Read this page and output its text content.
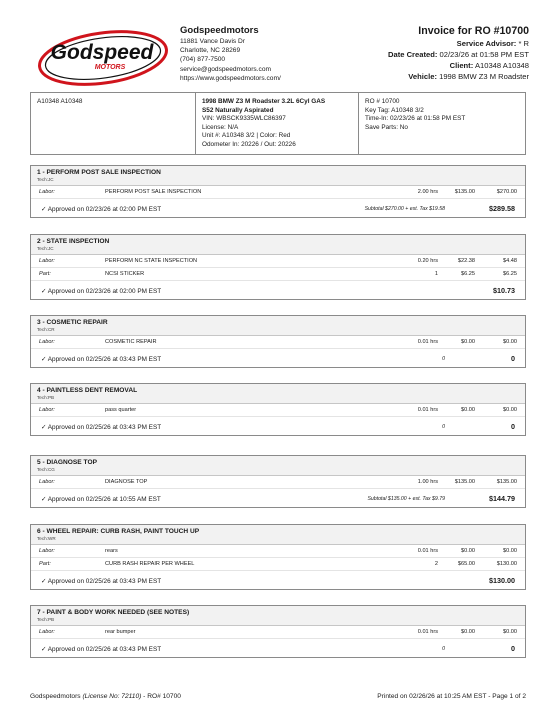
Godspeed
MOTORS
Godspeedmotors
11881 Vance Davis Dr
Charlotte, NC 28269
(704) 877-7500
service@godspeedmotors.com
https://www.godspeedmotors.com/
Invoice for RO #10700
Service Advisor: * R
Date Created: 02/23/26 at 01:58 PM EST
Client: A10348 A10348
Vehicle: 1998 BMW Z3 M Roadster
A10348 A10348	1998 BMW Z3 M Roadster 3.2L 6Cyl GAS
S52 Naturally Aspirated
VIN: WBSCK9335WLC86397
License: N/A
Unit #: A10348 3/2 | Color: Red
Odometer In: 20226 / Out: 20226
RO # 10700
Key Tag: A10348 3/2
Time-In: 02/23/26 at 01:58 PM EST
Save Parts: No
1 - PERFORM POST SALE INSPECTION
Tech:JC
Labor:	PERFORM POST SALE INSPECTION	2.00 hrs	$135.00	$270.00
✓ Approved on 02/23/26 at 02:00 PM EST	Subtotal $270.00 + est. Tax $19.58	$289.58
2 - STATE INSPECTION
Tech:JC
Labor:	PERFORM NC STATE INSPECTION	0.20 hrs	$22.38	$4.48
Part:	NCSI STICKER	1	$6.25	$6.25
✓ Approved on 02/23/26 at 02:00 PM EST	$10.73
3 - COSMETIC REPAIR
Tech:CR
Labor:	COSMETIC REPAIR	0.01 hrs	$0.00	$0.00
✓ Approved on 02/25/26 at 03:43 PM EST	0	0
4 - PAINTLESS DENT REMOVAL
Tech:PB
Labor:	pass quarter	0.01 hrs	$0.00	$0.00
✓ Approved on 02/25/26 at 03:43 PM EST	0	0
5 - DIAGNOSE TOP
Tech:CG
Labor:	DIAGNOSE TOP	1.00 hrs	$135.00	$135.00
✓ Approved on 02/25/26 at 10:55 AM EST	Subtotal $135.00 + est. Tax $9.79	$144.79
6 - WHEEL REPAIR: CURB RASH, PAINT TOUCH UP
Tech:WR
Labor:	rears	0.01 hrs	$0.00	$0.00
Part:	CURB RASH REPAIR PER WHEEL	2	$65.00	$130.00
✓ Approved on 02/25/26 at 03:43 PM EST	$130.00
7 - PAINT & BODY WORK NEEDED (SEE NOTES)
Tech:PB
Labor:	rear bumper	0.01 hrs	$0.00	$0.00
✓ Approved on 02/25/26 at 03:43 PM EST	0	0
Godspeedmotors (License No: 72110) - RO# 10700	Printed on 02/26/26 at 10:25 AM EST - Page 1 of 2
